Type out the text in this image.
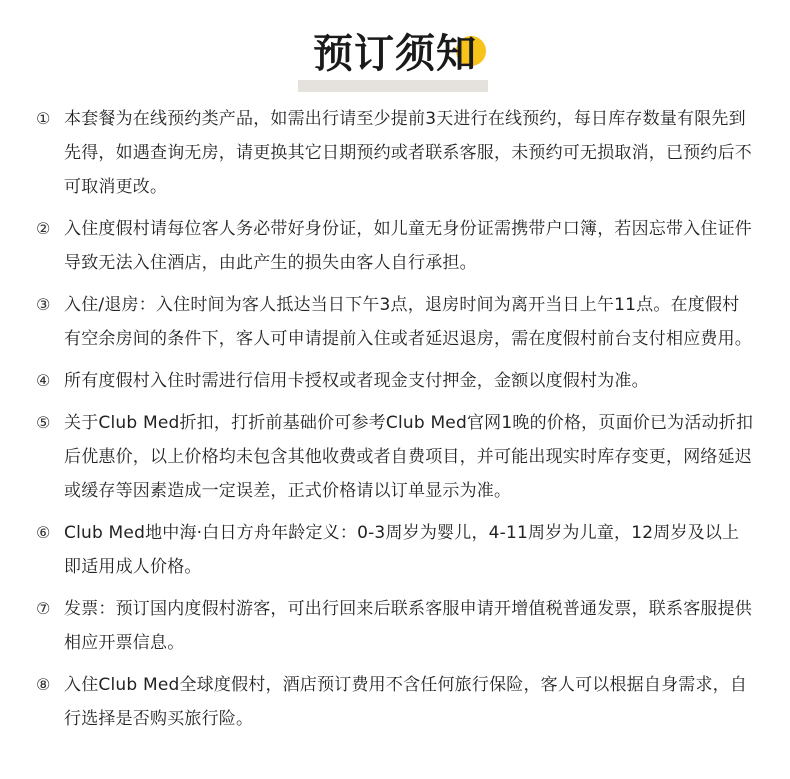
预订须知
① 本套餐为在线预约类产品，如需出行请至少提前3天进行在线预约，每日库存数量有限先到先得，如遇查询无房，请更换其它日期预约或者联系客服，未预约可无损取消，已预约后不可取消更改。
② 入住度假村请每位客人务必带好身份证，如儿童无身份证需携带户口簿，若因忘带入住证件导致无法入住酒店，由此产生的损失由客人自行承担。
③ 入住/退房：入住时间为客人抵达当日下午3点，退房时间为离开当日上午11点。在度假村有空余房间的条件下，客人可申请提前入住或者延迟退房，需在度假村前台支付相应费用。
④ 所有度假村入住时需进行信用卡授权或者现金支付押金，金额以度假村为准。
⑤ 关于Club Med折扣，打折前基础价可参考Club Med官网1晚的价格，页面价已为活动折扣后优惠价，以上价格均未包含其他收费或者自费项目，并可能出现实时库存变更，网络延迟或缓存等因素造成一定误差，正式价格请以订单显示为准。
⑥ Club Med地中海·白日方舟年龄定义：0-3周岁为婴儿，4-11周岁为儿童，12周岁及以上即适用成人价格。
⑦ 发票：预订国内度假村游客，可出行回来后联系客服申请开增值税普通发票，联系客服提供相应开票信息。
⑧ 入住Club Med全球度假村，酒店预订费用不含任何旅行保险，客人可以根据自身需求，自行选择是否购买旅行险。
